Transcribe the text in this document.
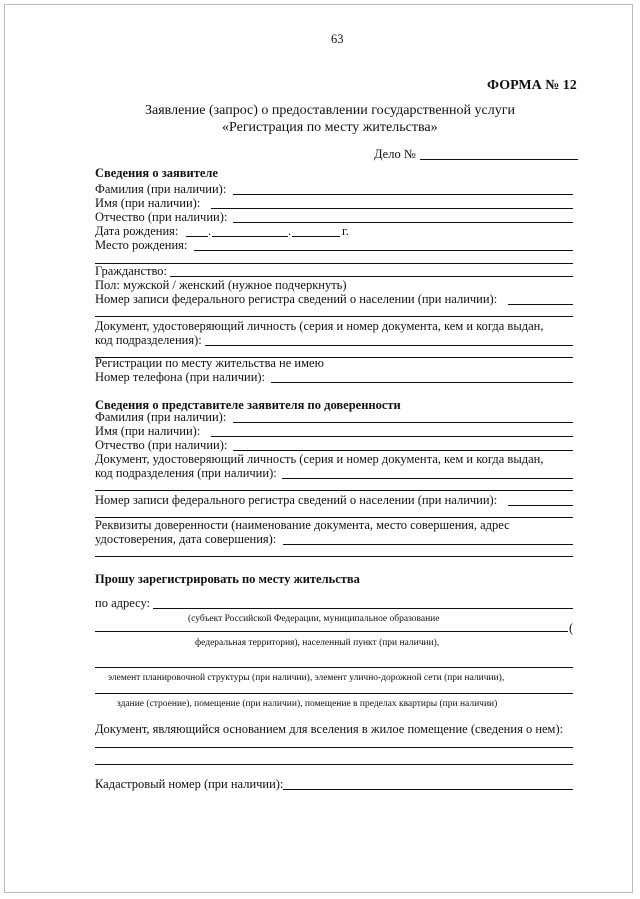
63
ФОРМА № 12
Заявление (запрос) о предоставлении государственной услуги
«Регистрация по месту жительства»
Дело №
Сведения о заявителе
Фамилия (при наличии):
Имя (при наличии):
Отчество (при наличии):
Дата рождения: .	.	г.
Место рождения:
Гражданство:
Пол: мужской / женский (нужное подчеркнуть)
Номер записи федерального регистра сведений о населении (при наличии):
Документ, удостоверяющий личность (серия и номер документа, кем и когда выдан,
код подразделения):
Регистрации по месту жительства не имею
Номер телефона (при наличии):
Сведения о представителе заявителя по доверенности
Фамилия (при наличии):
Имя (при наличии):
Отчество (при наличии):
Документ, удостоверяющий личность (серия и номер документа, кем и когда выдан,
код подразделения (при наличии):
Номер записи федерального регистра сведений о населении (при наличии):
Реквизиты доверенности (наименование документа, место совершения, адрес
удостоверения, дата совершения):
Прошу зарегистрировать по месту жительства
по адресу:
(субъект Российской Федерации, муниципальное образование
(
федеральная территория), населенный пункт (при наличии),
элемент планировочной структуры (при наличии), элемент улично-дорожной сети (при наличии),
здание (строение), помещение (при наличии), помещение в пределах квартиры (при наличии)
Документ, являющийся основанием для вселения в жилое помещение (сведения о нем):
Кадастровый номер (при наличии):
